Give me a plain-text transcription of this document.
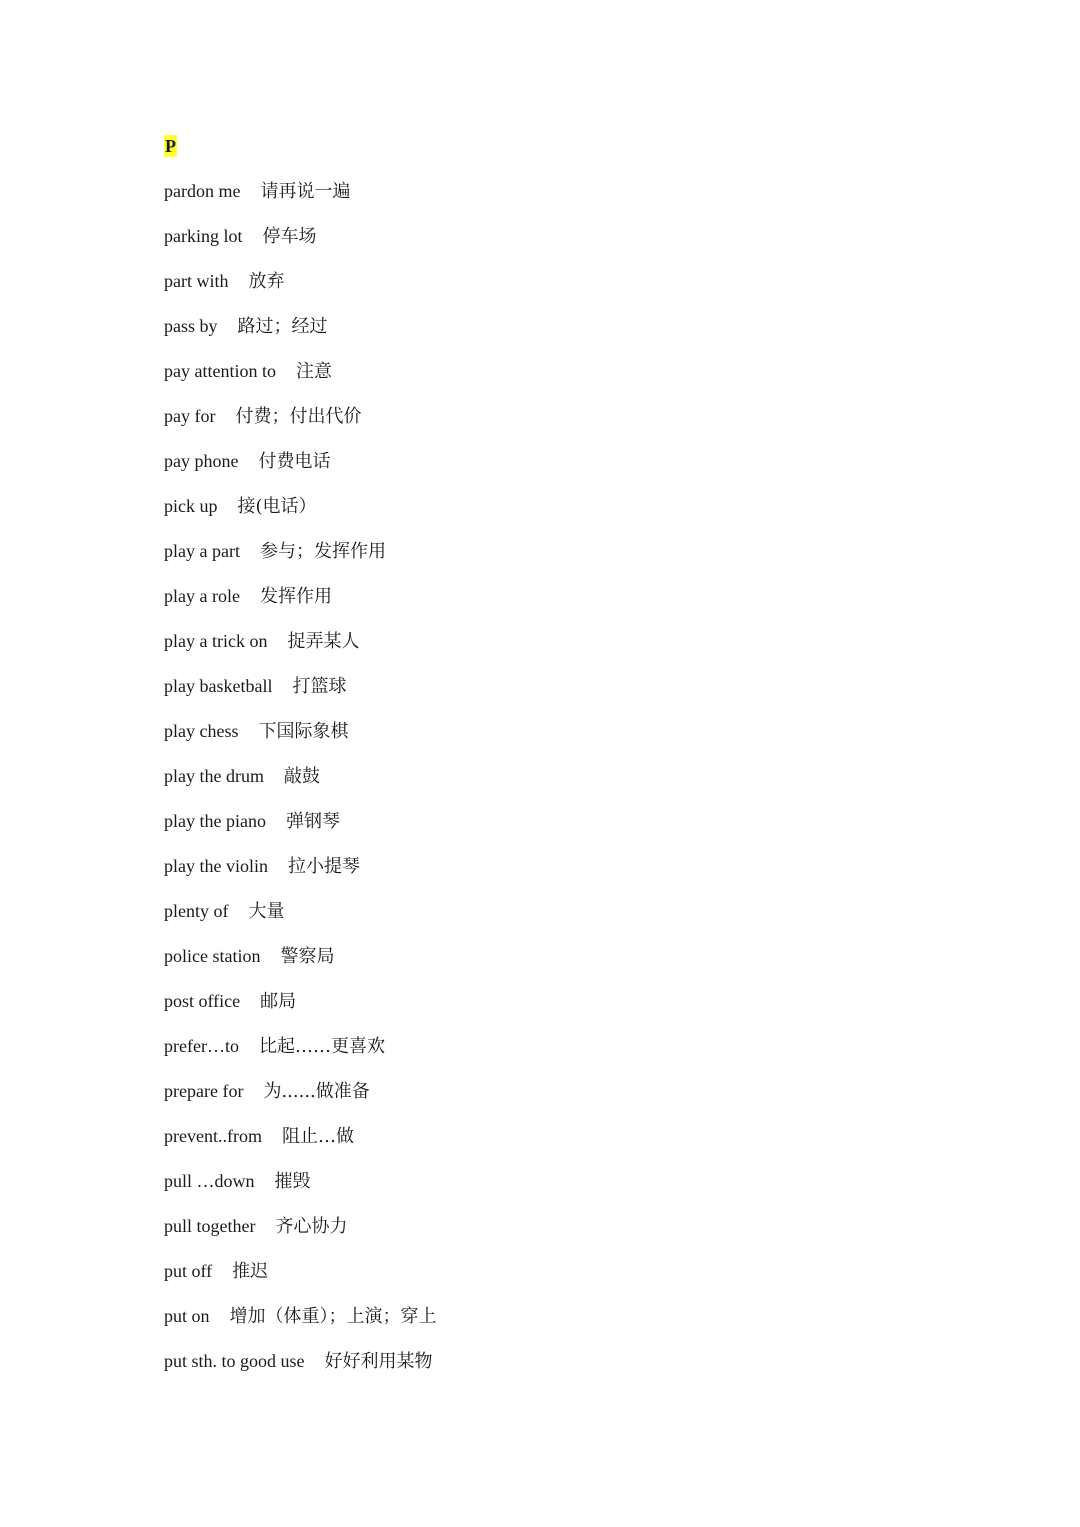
P
pardon me 请再说一遍
parking lot 停车场
part with 放弃
pass by 路过；经过
pay attention to 注意
pay for 付费；付出代价
pay phone 付费电话
pick up 接(电话）
play a part 参与；发挥作用
play a role 发挥作用
play a trick on 捉弄某人
play basketball 打篮球
play chess 下国际象棋
play the drum 敲鼓
play the piano 弹钢琴
play the violin 拉小提琴
plenty of 大量
police station 警察局
post office 邮局
prefer…to 比起……更喜欢
prepare for 为......做准备
prevent..from 阻止…做
pull …down 摧毁
pull together 齐心协力
put off 推迟
put on 增加（体重）；上演；穿上
put sth. to good use 好好利用某物
